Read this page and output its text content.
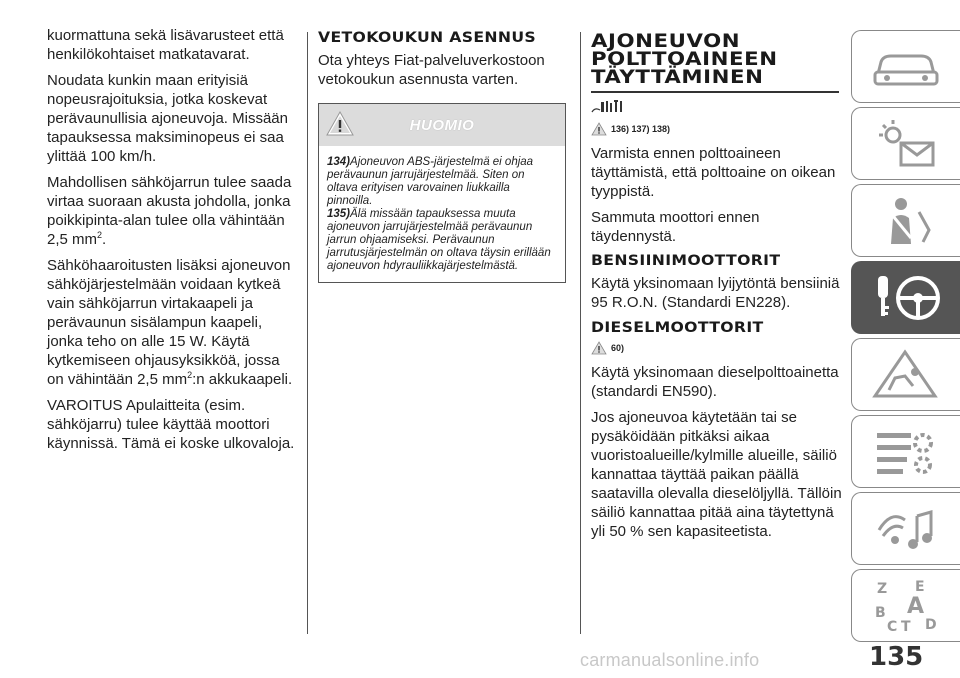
kuormattuna sekä lisävarusteet että henkilökohtaiset matkatavarat.

Noudata kunkin maan erityisiä nopeusrajoituksia, jotka koskevat perävaunullisia ajoneuvoja. Missään tapauksessa maksiminopeus ei saa ylittää 100 km/h.

Mahdollisen sähköjarrun tulee saada virtaa suoraan akusta johdolla, jonka poikkipinta-alan tulee olla vähintään 2,5 $mm^2$.

Sähköhaaroitusten lisäksi ajoneuvon sähköjärjestelmään voidaan kytkeä vain sähköjarrun virtakaapeli ja perävaunun sisälampun kaapeli, jonka teho on alle 15 W. Käytä kytkemiseen ohjausyksikköä, jossa on vähintään 2,5 $mm^2:n$ akkukaapeli.

VAROITUS Apulaitteita (esim. sähköjarru) tulee käyttää moottori käynnissä. Tämä ei koske ulkovaloja.

VETOKOUKUN ASENNUS

Ota yhteys Fiat-palveluverkostoon vetokoukun asennusta varten.

HUOMIO

134)Ajoneuvon ABS-järjestelmä ei ohjaa perävaunun jarrujärjestelmää. Siten on oltava erityisen varovainen liukkailla pinnoilla.

135)Älä missään tapauksessa muuta ajoneuvon jarrujärjestelmää perävaunun jarrun ohjaamiseksi. Perävaunun jarrutusjärjestelmän on oltava täysin erillään ajoneuvon hdyrauliikkajärjestelmästä.

AJONEUVON
POLTTOAINEEN
TÄYTTÄMINEN
136) 137) 138)

Varmista ennen polttoaineen täyttämistä, että polttoaine on oikean tyyppistä.

Sammuta moottori ennen täydennystä.

BENSIINIMOOTTORIT

Käytä yksinomaan lyijytöntä bensiiniä 95 R.O.N. (Standardi EN228).

DIESELMOOTTORIT
60)

Käytä yksinomaan dieselpolttoainetta (standardi EN590).

Jos ajoneuvoa käytetään tai se pysäköidään pitkäksi aikaa vuoristoalueille/kylmille alueille, säiliö kannattaa täyttää paikan päällä saatavilla olevalla dieselöljyllä. Tällöin säiliö kannattaa pitää aina täytettynä yli 50 % sen kapasiteetista.

Z E
B A
C T D
carmanualsonline.info	135
